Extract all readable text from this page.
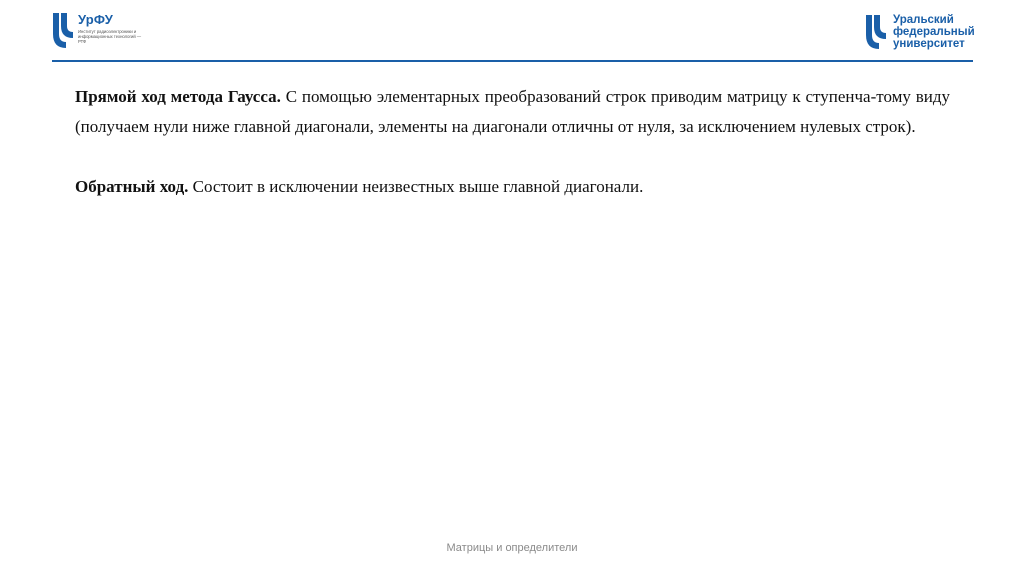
УрФУ
Институт радиоэлектроники и информационных технологий — РТФ
Уральский
федеральный
университет

Прямой ход метода Гаусса. С помощью элементарных преобразований строк приводим матрицу к ступенча-тому виду (получаем нули ниже главной диагонали, элементы на диагонали отличны от нуля, за исключением нулевых строк).

Обратный ход. Состоит в исключении неизвестных выше главной диагонали.

Матрицы и определители
